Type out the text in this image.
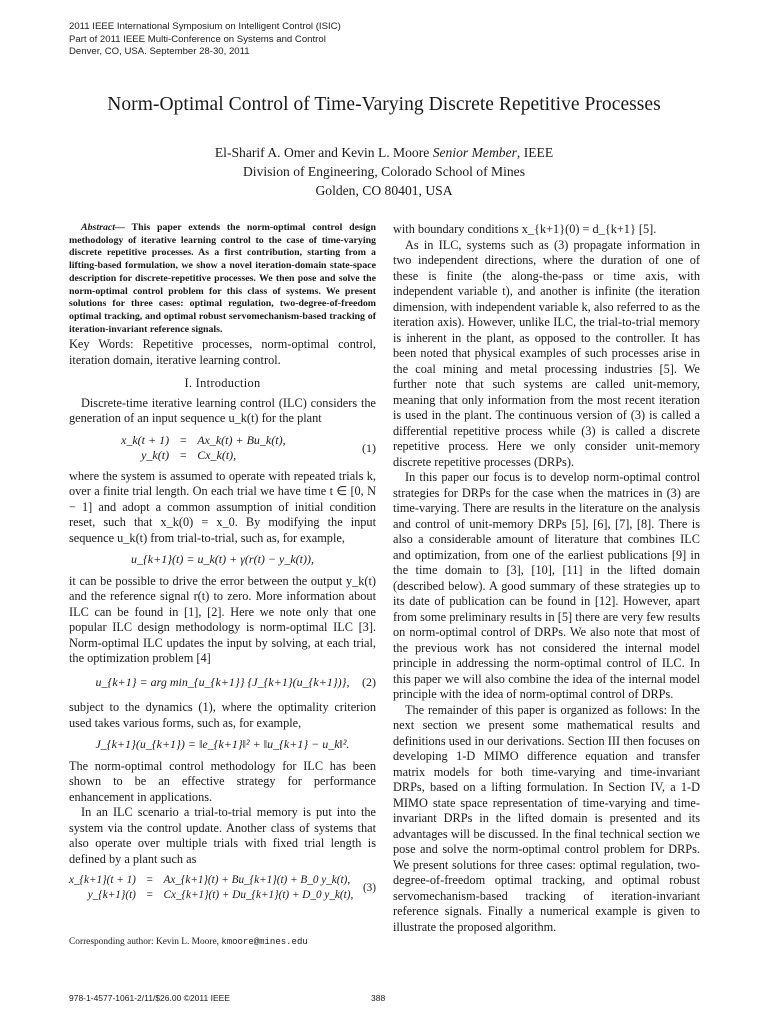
2011 IEEE International Symposium on Intelligent Control (ISIC)
Part of 2011 IEEE Multi-Conference on Systems and Control
Denver, CO, USA. September 28-30, 2011
Norm-Optimal Control of Time-Varying Discrete Repetitive Processes
El-Sharif A. Omer and Kevin L. Moore Senior Member, IEEE
Division of Engineering, Colorado School of Mines
Golden, CO 80401, USA

Abstract— This paper extends the norm-optimal control design methodology of iterative learning control to the case of time-varying discrete repetitive processes. As a first contribution, starting from a lifting-based formulation, we show a novel iteration-domain state-space description for discrete-repetitive processes. We then pose and solve the norm-optimal control problem for this class of systems. We present solutions for three cases: optimal regulation, two-degree-of-freedom optimal tracking, and optimal robust servomechanism-based tracking of iteration-invariant reference signals.

Key Words: Repetitive processes, norm-optimal control, iteration domain, iterative learning control.

I. Introduction

Discrete-time iterative learning control (ILC) considers the generation of an input sequence u_k(t) for the plant

(1)
x_k(t + 1)	=	Ax_k(t) + Bu_k(t),
y_k(t)	=	Cx_k(t),

where the system is assumed to operate with repeated trials k, over a finite trial length. On each trial we have time t ∈ [0, N − 1] and adopt a common assumption of initial condition reset, such that x_k(0) = x_0. By modifying the input sequence u_k(t) from trial-to-trial, such as, for example,

u_{k+1}(t) = u_k(t) + γ(r(t) − y_k(t)),

it can be possible to drive the error between the output y_k(t) and the reference signal r(t) to zero. More information about ILC can be found in [1], [2]. Here we note only that one popular ILC design methodology is norm-optimal ILC [3]. Norm-optimal ILC updates the input by solving, at each trial, the optimization problem [4]

u_{k+1} = arg min_{u_{k+1}} {J_{k+1}(u_{k+1})}, (2)

subject to the dynamics (1), where the optimality criterion used takes various forms, such as, for example,

J_{k+1}(u_{k+1}) = ‖e_{k+1}‖² + ‖u_{k+1} − u_k‖².

The norm-optimal control methodology for ILC has been shown to be an effective strategy for performance enhancement in applications.

In an ILC scenario a trial-to-trial memory is put into the system via the control update. Another class of systems that also operate over multiple trials with fixed trial length is defined by a plant such as

(3)
x_{k+1}(t + 1)	=	Ax_{k+1}(t) + Bu_{k+1}(t) + B_0 y_k(t),
y_{k+1}(t)	=	Cx_{k+1}(t) + Du_{k+1}(t) + D_0 y_k(t),
Corresponding author: Kevin L. Moore, kmoore@mines.edu

with boundary conditions x_{k+1}(0) = d_{k+1} [5].

As in ILC, systems such as (3) propagate information in two independent directions, where the duration of one of these is finite (the along-the-pass or time axis, with independent variable t), and another is infinite (the iteration dimension, with independent variable k, also referred to as the iteration axis). However, unlike ILC, the trial-to-trial memory is inherent in the plant, as opposed to the controller. It has been noted that physical examples of such processes arise in the coal mining and metal processing industries [5]. We further note that such systems are called unit-memory, meaning that only information from the most recent iteration is used in the plant. The continuous version of (3) is called a differential repetitive process while (3) is called a discrete repetitive process. Here we only consider unit-memory discrete repetitive processes (DRPs).

In this paper our focus is to develop norm-optimal control strategies for DRPs for the case when the matrices in (3) are time-varying. There are results in the literature on the analysis and control of unit-memory DRPs [5], [6], [7], [8]. There is also a considerable amount of literature that combines ILC and optimization, from one of the earliest publications [9] in the time domain to [3], [10], [11] in the lifted domain (described below). A good summary of these strategies up to its date of publication can be found in [12]. However, apart from some preliminary results in [5] there are very few results on norm-optimal control of DRPs. We also note that most of the previous work has not considered the internal model principle in addressing the norm-optimal control of ILC. In this paper we will also combine the idea of the internal model principle with the idea of norm-optimal control of DRPs.

The remainder of this paper is organized as follows: In the next section we present some mathematical results and definitions used in our derivations. Section III then focuses on developing 1-D MIMO difference equation and transfer matrix models for both time-varying and time-invariant DRPs, based on a lifting formulation. In Section IV, a 1-D MIMO state space representation of time-varying and time-invariant DRPs in the lifted domain is presented and its advantages will be discussed. In the final technical section we pose and solve the norm-optimal control problem for DRPs. We present solutions for three cases: optimal regulation, two-degree-of-freedom optimal tracking, and optimal robust servomechanism-based tracking of iteration-invariant reference signals. Finally a numerical example is given to illustrate the proposed algorithm.

978-1-4577-1061-2/11/$26.00 ©2011 IEEE	388
